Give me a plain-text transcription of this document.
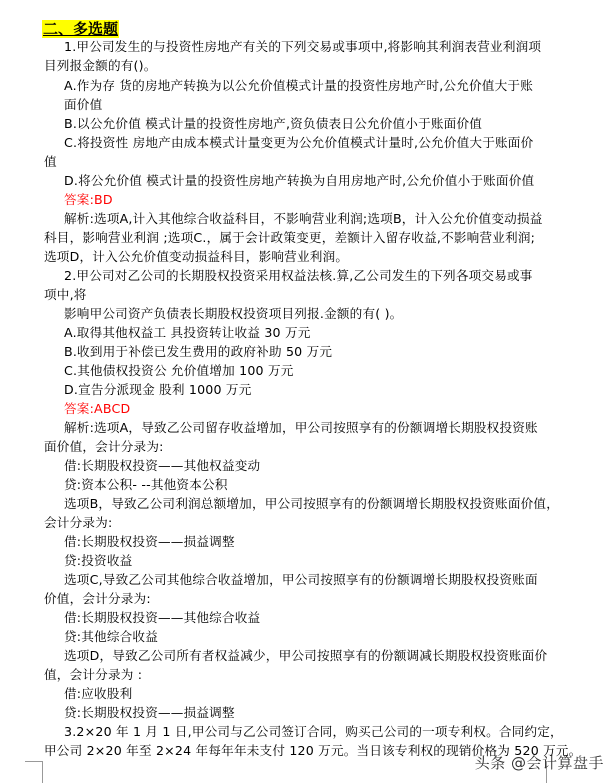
二、多选题
1.甲公司发生的与投资性房地产有关的下列交易或事项中,将影响其利润表营业利润项
目列报金额的有()。
A.作为存 货的房地产转换为以公允价值模式计量的投资性房地产时,公允价值大于账
面价值
B.以公允价值 模式计量的投资性房地产,资负债表日公允价值小于账面价值
C.将投资性 房地产由成本模式计量变更为公允价值模式计量时,公允价值大于账面价
值
D.将公允价值 模式计量的投资性房地产转换为自用房地产时,公允价值小于账面价值
答案:BD
解析:选项A,计入其他综合收益科目，不影响营业利润;选项B，计入公允价值变动损益
科目，影响营业利润 ;选项C.，属于会计政策变更，差额计入留存收益,不影响营业利润;
选项D，计入公允价值变动损益科目，影响营业利润。
2.甲公司对乙公司的长期股权投资采用权益法核.算,乙公司发生的下列各项交易或事
项中,将
影响甲公司资产负债表长期股权投资项目列报.金额的有( )。
A.取得其他权益工 具投资转让收益 30 万元
B.收到用于补偿已发生费用的政府补助 50 万元
C.其他债权投资公 允价值增加 100 万元
D.宣告分派现金 股利 1000 万元
答案:ABCD
解析:选项A，导致乙公司留存收益增加，甲公司按照享有的份额调增长期股权投资账
面价值，会计分录为:
借:长期股权投资——其他权益变动
贷:资本公积- --其他资本公积
选项B，导致乙公司利润总额增加，甲公司按照享有的份额调增长期股权投资账面价值，
会计分录为:
借:长期股权投资——损益调整
贷:投资收益
选项C,导致乙公司其他综合收益增加，甲公司按照享有的份额调增长期股权投资账面
价值，会计分录为:
借:长期股权投资——其他综合收益
贷:其他综合收益
选项D，导致乙公司所有者权益减少，甲公司按照享有的份额调减长期股权投资账面价
值，会计分录为 :
借:应收股利
贷:长期股权投资——损益调整
3.2×20 年 1 月 1 日,甲公司与乙公司签订合同，购买己公司的一项专利权。合同约定，
甲公司 2×20 年至 2×24 年每年年未支付 120 万元。当日该专利权的现销价格为 520 万元。
头条 @会计算盘手
